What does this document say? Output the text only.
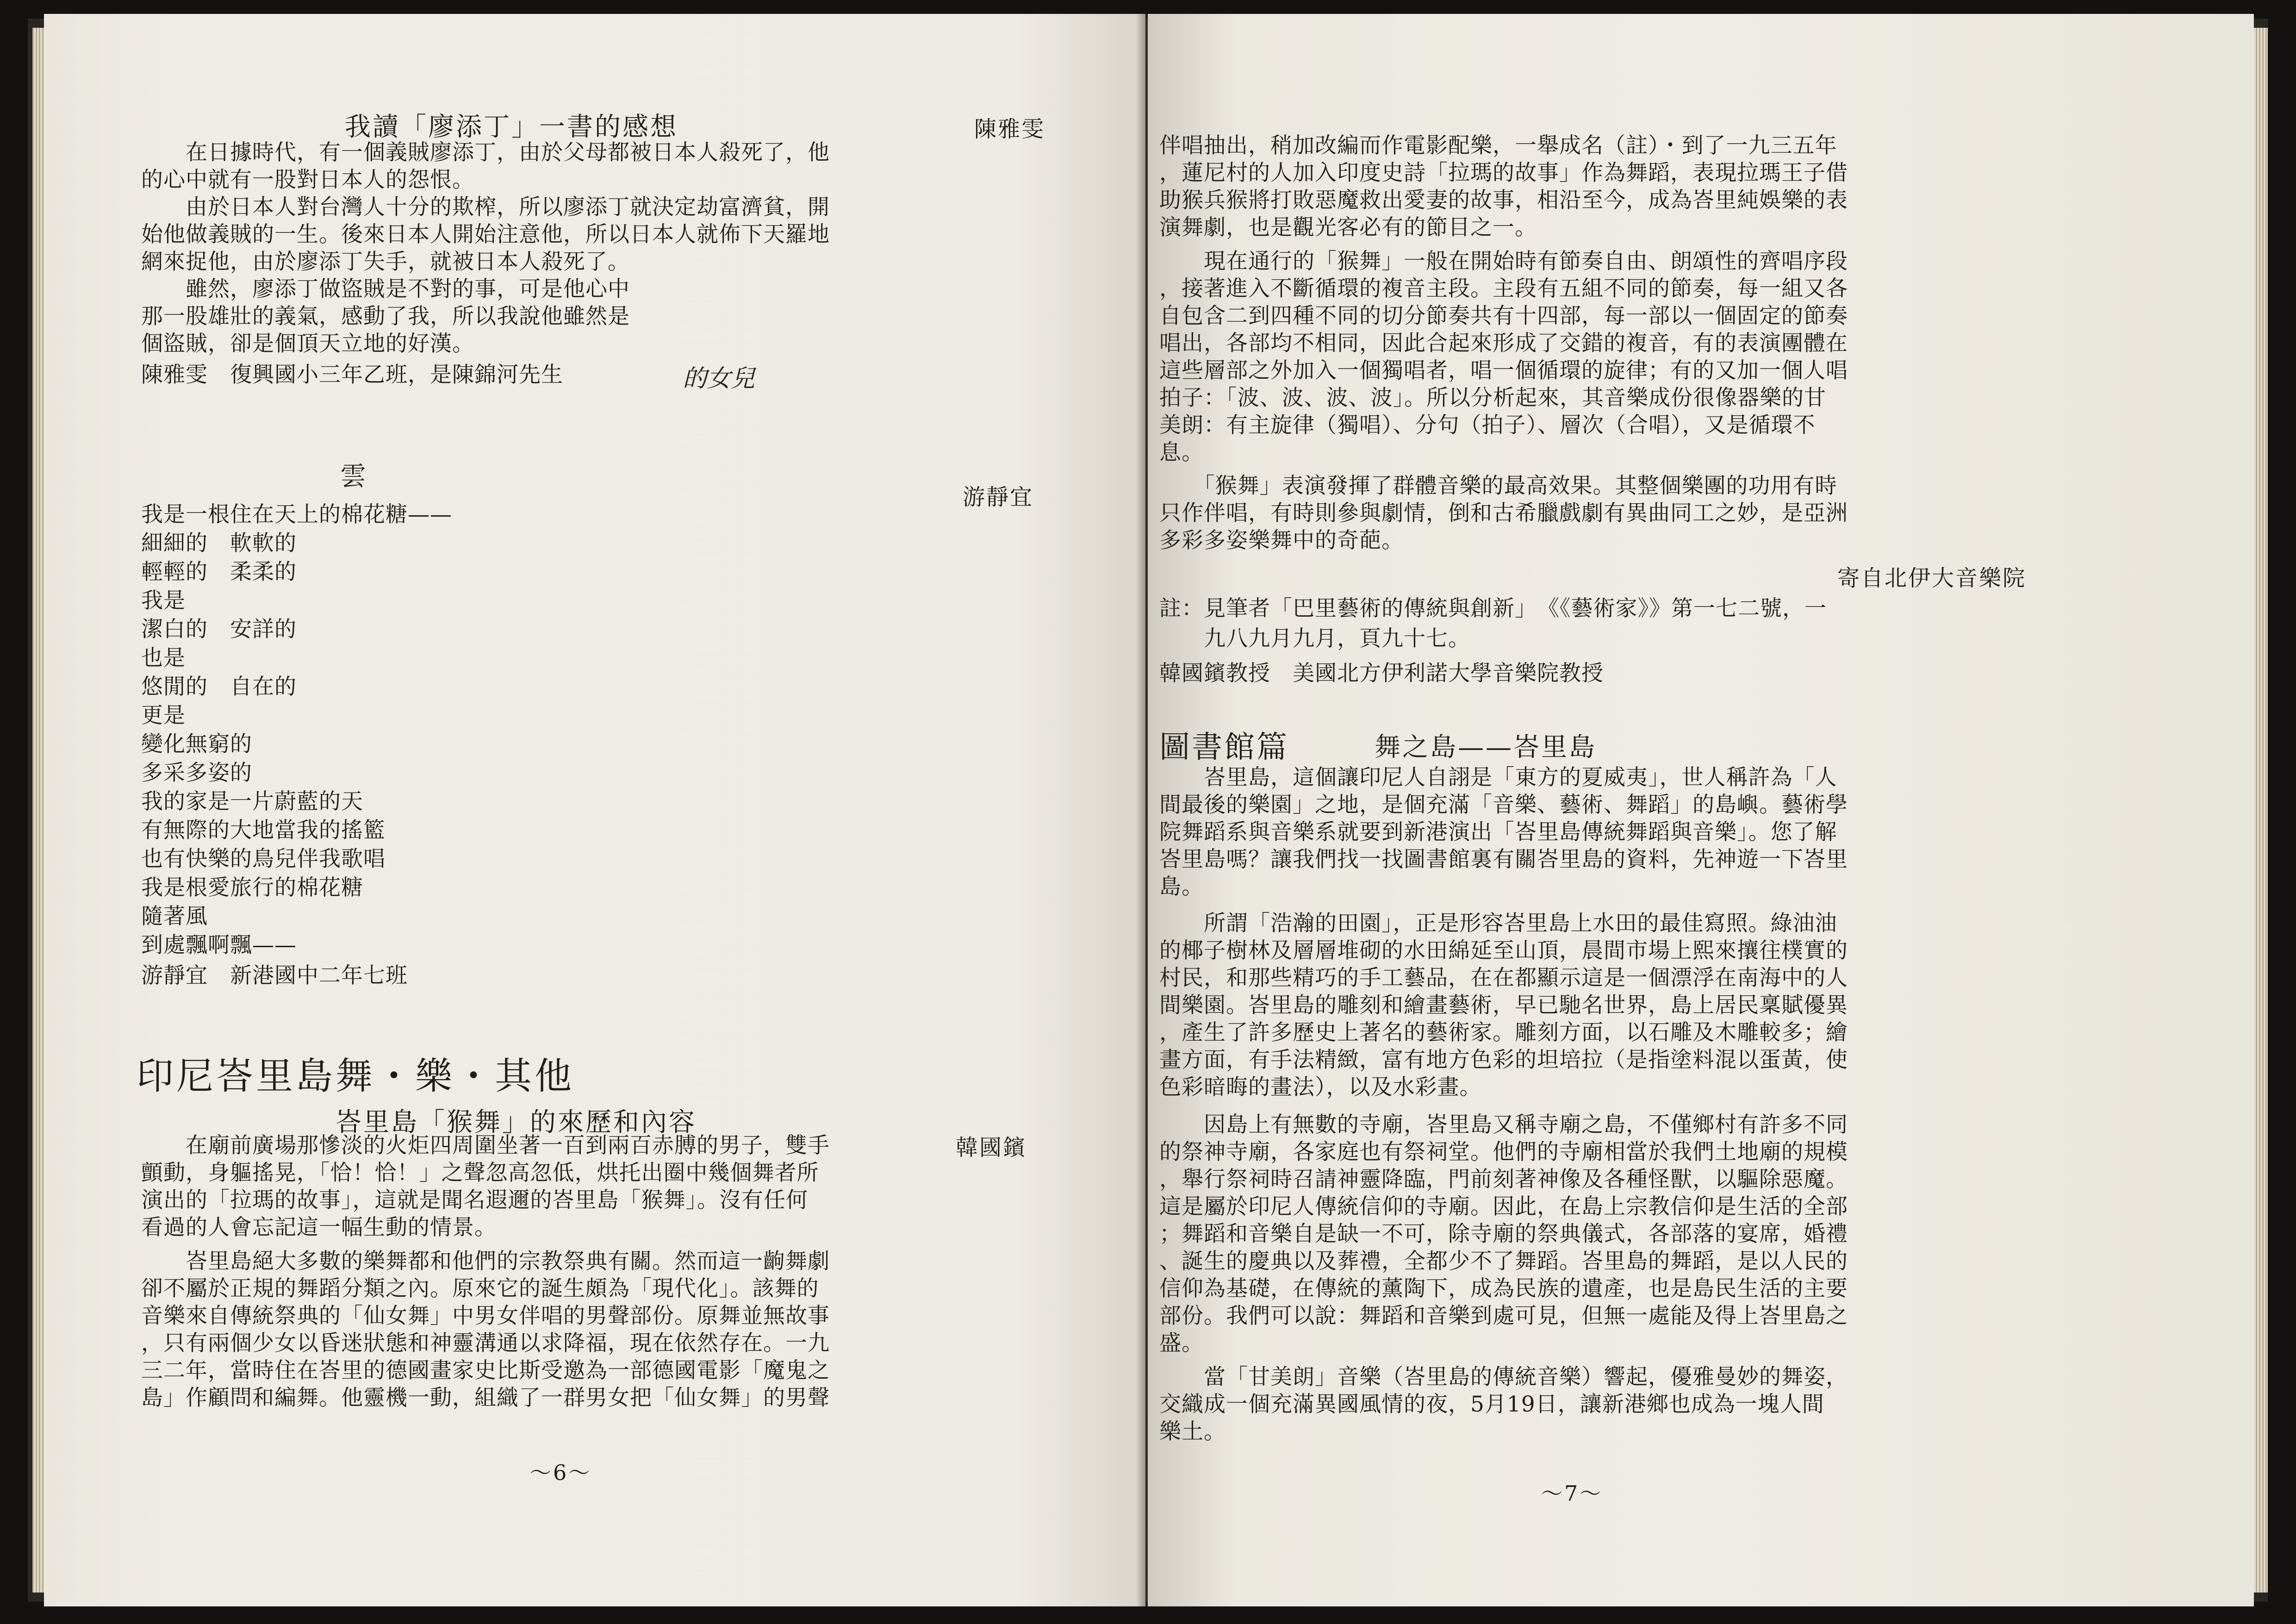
我讀「廖添丁」一書的感想	陳雅雯
　　在日據時代，有一個義賊廖添丁，由於父母都被日本人殺死了，他
的心中就有一股對日本人的怨恨。
　　由於日本人對台灣人十分的欺榨，所以廖添丁就決定劫富濟貧，開
始他做義賊的一生。後來日本人開始注意他，所以日本人就佈下天羅地
網來捉他，由於廖添丁失手，就被日本人殺死了。
　　雖然，廖添丁做盜賊是不對的事，可是他心中
那一股雄壯的義氣，感動了我，所以我說他雖然是
個盜賊，卻是個頂天立地的好漢。
陳雅雯　復興國小三年乙班，是陳錦河先生	的女兒
雲
游靜宜
我是一根住在天上的棉花糖——
細細的　軟軟的
輕輕的　柔柔的
我是
潔白的　安詳的
也是
悠閒的　自在的
更是
變化無窮的
多采多姿的
我的家是一片蔚藍的天
有無際的大地當我的搖籃
也有快樂的鳥兒伴我歌唱
我是根愛旅行的棉花糖
隨著風
到處飄啊飄——
游靜宜　新港國中二年七班
印尼峇里島舞・樂・其他
峇里島「猴舞」的來歷和內容
韓國鑌
　　在廟前廣場那慘淡的火炬四周圍坐著一百到兩百赤膊的男子，雙手
顫動，身軀搖晃，「恰！恰！」之聲忽高忽低，烘托出圈中幾個舞者所
演出的「拉瑪的故事」，這就是聞名遐邇的峇里島「猴舞」。沒有任何
看過的人會忘記這一幅生動的情景。
　　峇里島絕大多數的樂舞都和他們的宗教祭典有關。然而這一齣舞劇
卻不屬於正規的舞蹈分類之內。原來它的誕生頗為「現代化」。該舞的
音樂來自傳統祭典的「仙女舞」中男女伴唱的男聲部份。原舞並無故事
，只有兩個少女以昏迷狀態和神靈溝通以求降福，現在依然存在。一九
三二年，當時住在峇里的德國畫家史比斯受邀為一部德國電影「魔鬼之
島」作顧問和編舞。他靈機一動，組織了一群男女把「仙女舞」的男聲
～6～
伴唱抽出，稍加改編而作電影配樂，一舉成名（註）・到了一九三五年
，蓮尼村的人加入印度史詩「拉瑪的故事」作為舞蹈，表現拉瑪王子借
助猴兵猴將打敗惡魔救出愛妻的故事，相沿至今，成為峇里純娛樂的表
演舞劇，也是觀光客必有的節目之一。
　　現在通行的「猴舞」一般在開始時有節奏自由、朗頌性的齊唱序段
，接著進入不斷循環的複音主段。主段有五組不同的節奏，每一組又各
自包含二到四種不同的切分節奏共有十四部，每一部以一個固定的節奏
唱出，各部均不相同，因此合起來形成了交錯的複音，有的表演團體在
這些層部之外加入一個獨唱者，唱一個循環的旋律；有的又加一個人唱
拍子：「波、波、波、波」。所以分析起來，其音樂成份很像器樂的甘
美朗：有主旋律（獨唱）、分句（拍子）、層次（合唱），又是循環不
息。
　　「猴舞」表演發揮了群體音樂的最高效果。其整個樂團的功用有時
只作伴唱，有時則參與劇情，倒和古希臘戲劇有異曲同工之妙，是亞洲
多彩多姿樂舞中的奇葩。
寄自北伊大音樂院
註：見筆者「巴里藝術的傳統與創新」　《《藝術家》》第一七二號，一
　　九八九月九月，頁九十七。
韓國鑌教授　美國北方伊利諾大學音樂院教授
圖書館篇	舞之島——峇里島
　　峇里島，這個讓印尼人自詡是「東方的夏威夷」，世人稱許為「人
間最後的樂園」之地，是個充滿「音樂、藝術、舞蹈」的島嶼。藝術學
院舞蹈系與音樂系就要到新港演出「峇里島傳統舞蹈與音樂」。您了解
峇里島嗎？讓我們找一找圖書館裏有關峇里島的資料，先神遊一下峇里
島。
　　所謂「浩瀚的田園」，正是形容峇里島上水田的最佳寫照。綠油油
的椰子樹林及層層堆砌的水田綿延至山頂，晨間市場上熙來攘往樸實的
村民，和那些精巧的手工藝品，在在都顯示這是一個漂浮在南海中的人
間樂園。峇里島的雕刻和繪畫藝術，早已馳名世界，島上居民稟賦優異
，產生了許多歷史上著名的藝術家。雕刻方面，以石雕及木雕較多；繪
畫方面，有手法精緻，富有地方色彩的坦培拉（是指塗料混以蛋黃，使
色彩暗晦的畫法），以及水彩畫。
　　因島上有無數的寺廟，峇里島又稱寺廟之島，不僅鄉村有許多不同
的祭神寺廟，各家庭也有祭祠堂。他們的寺廟相當於我們土地廟的規模
，舉行祭祠時召請神靈降臨，門前刻著神像及各種怪獸，以驅除惡魔。
這是屬於印尼人傳統信仰的寺廟。因此，在島上宗教信仰是生活的全部
；舞蹈和音樂自是缺一不可，除寺廟的祭典儀式，各部落的宴席，婚禮
、誕生的慶典以及葬禮，全都少不了舞蹈。峇里島的舞蹈，是以人民的
信仰為基礎，在傳統的薰陶下，成為民族的遺產，也是島民生活的主要
部份。我們可以說：舞蹈和音樂到處可見，但無一處能及得上峇里島之
盛。
　　當「甘美朗」音樂（峇里島的傳統音樂）響起，優雅曼妙的舞姿，
交織成一個充滿異國風情的夜，5月19日，讓新港鄉也成為一塊人間
樂土。
～7～
